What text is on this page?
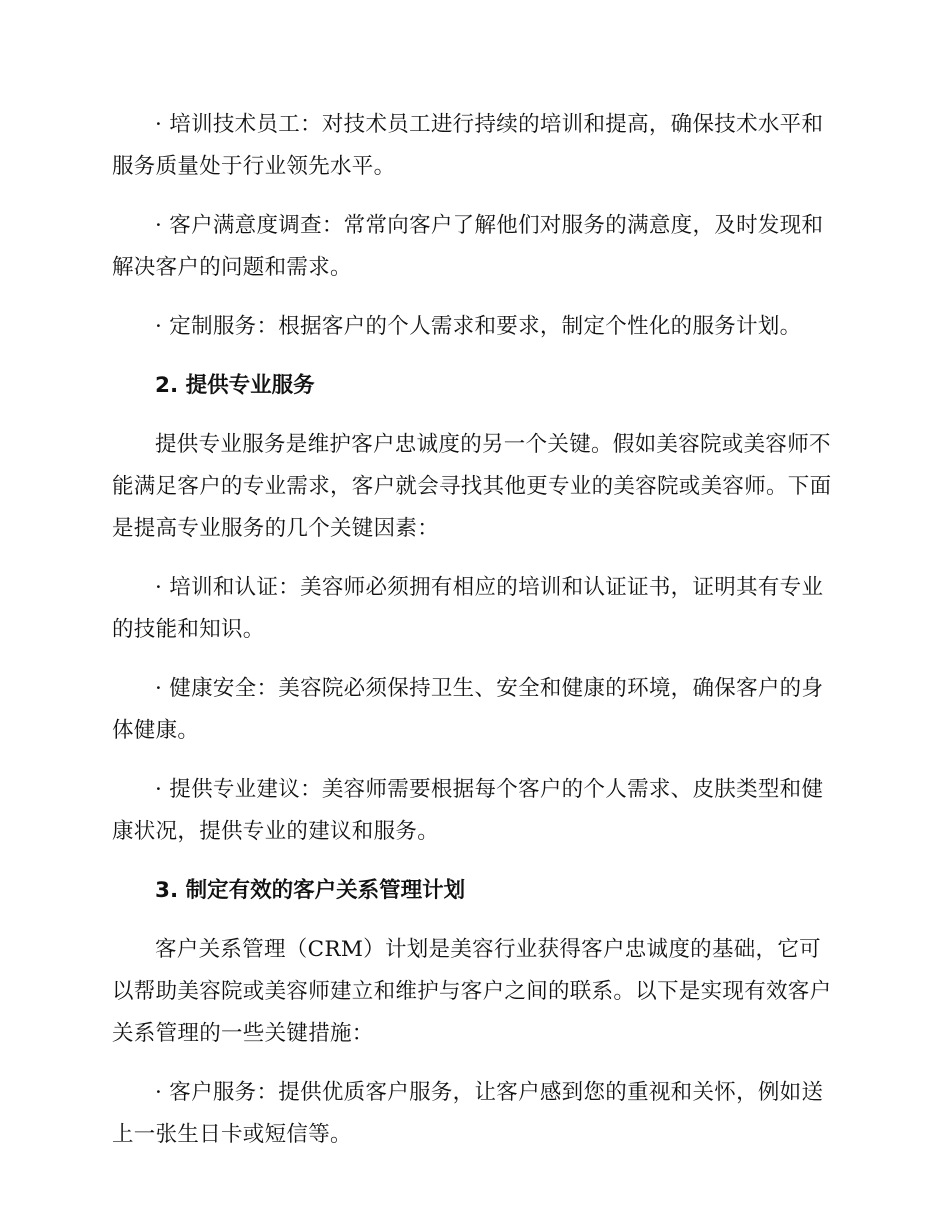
· 培训技术员工：对技术员工进行持续的培训和提高，确保技术水平和服务质量处于行业领先水平。

· 客户满意度调查：常常向客户了解他们对服务的满意度，及时发现和解决客户的问题和需求。

· 定制服务：根据客户的个人需求和要求，制定个性化的服务计划。

2. 提供专业服务

提供专业服务是维护客户忠诚度的另一个关键。假如美容院或美容师不能满足客户的专业需求，客户就会寻找其他更专业的美容院或美容师。下面是提高专业服务的几个关键因素：

· 培训和认证：美容师必须拥有相应的培训和认证证书，证明其有专业的技能和知识。

· 健康安全：美容院必须保持卫生、安全和健康的环境，确保客户的身体健康。

· 提供专业建议：美容师需要根据每个客户的个人需求、皮肤类型和健康状况，提供专业的建议和服务。

3. 制定有效的客户关系管理计划

客户关系管理（CRM）计划是美容行业获得客户忠诚度的基础，它可以帮助美容院或美容师建立和维护与客户之间的联系。以下是实现有效客户关系管理的一些关键措施：

· 客户服务：提供优质客户服务，让客户感到您的重视和关怀，例如送上一张生日卡或短信等。
